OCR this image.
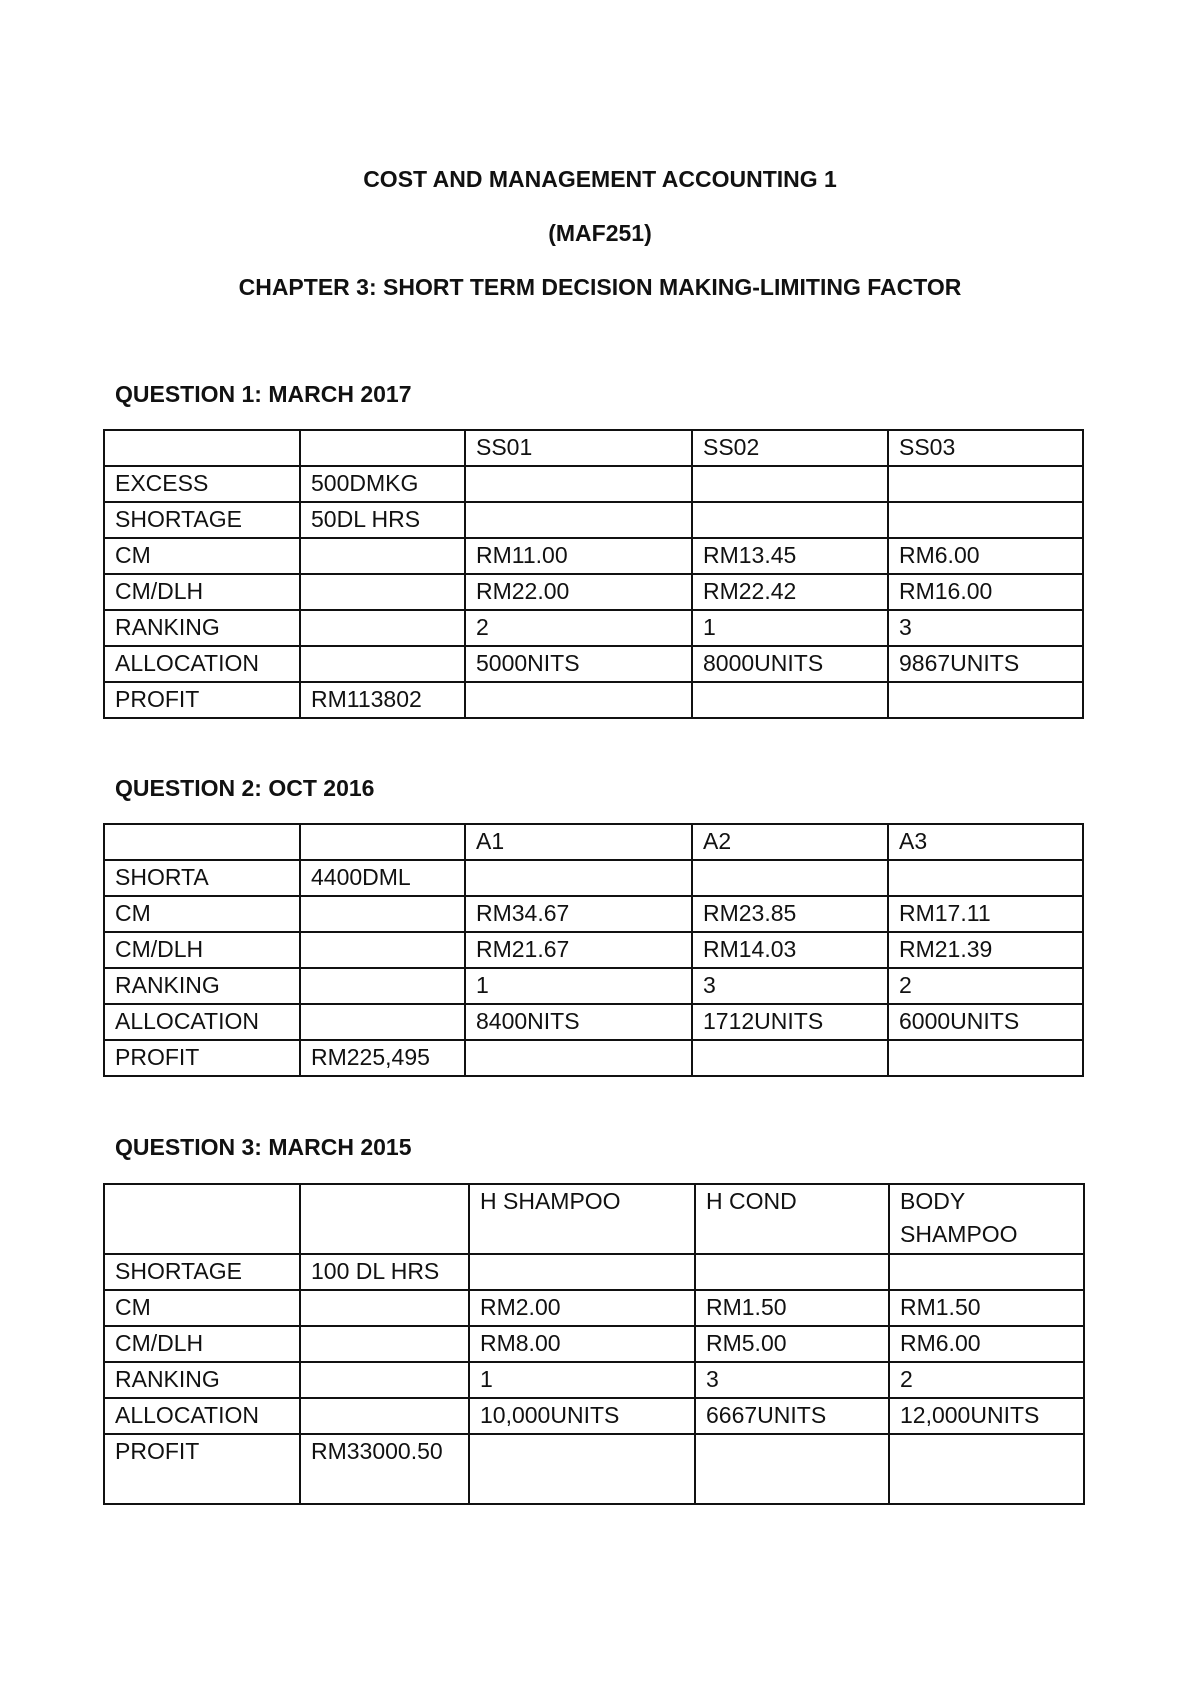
COST AND MANAGEMENT ACCOUNTING 1
(MAF251)
CHAPTER 3: SHORT TERM DECISION MAKING-LIMITING FACTOR
QUESTION 1: MARCH 2017
		SS01	SS02	SS03
EXCESS	500DMKG			
SHORTAGE	50DL HRS			
CM		RM11.00	RM13.45	RM6.00
CM/DLH		RM22.00	RM22.42	RM16.00
RANKING		2	1	3
ALLOCATION		5000NITS	8000UNITS	9867UNITS
PROFIT	RM113802			
QUESTION 2: OCT 2016
		A1	A2	A3
SHORTA	4400DML			
CM		RM34.67	RM23.85	RM17.11
CM/DLH		RM21.67	RM14.03	RM21.39
RANKING		1	3	2
ALLOCATION		8400NITS	1712UNITS	6000UNITS
PROFIT	RM225,495			
QUESTION 3: MARCH 2015
		H SHAMPOO	H COND	BODY SHAMPOO
SHORTAGE	100 DL HRS			
CM		RM2.00	RM1.50	RM1.50
CM/DLH		RM8.00	RM5.00	RM6.00
RANKING		1	3	2
ALLOCATION		10,000UNITS	6667UNITS	12,000UNITS
PROFIT	RM33000.50			
